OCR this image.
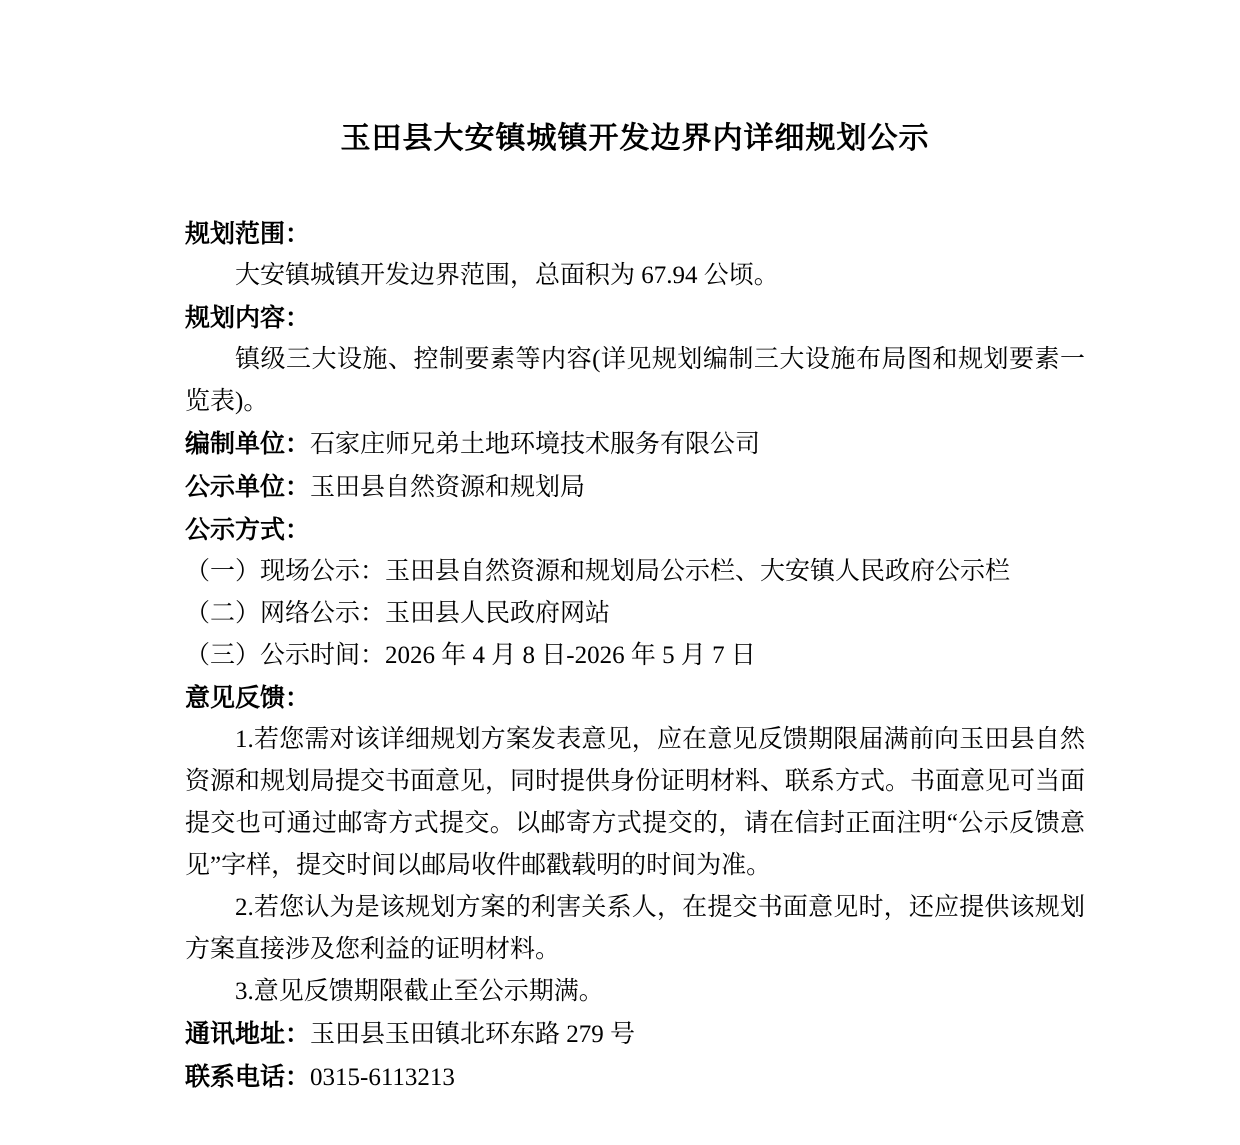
玉田县大安镇城镇开发边界内详细规划公示
规划范围：

大安镇城镇开发边界范围，总面积为 67.94 公顷。

规划内容：

镇级三大设施、控制要素等内容(详见规划编制三大设施布局图和规划要素一览表)。

编制单位：石家庄师兄弟土地环境技术服务有限公司
公示单位：玉田县自然资源和规划局
公示方式：
（一）现场公示：玉田县自然资源和规划局公示栏、大安镇人民政府公示栏
（二）网络公示：玉田县人民政府网站
（三）公示时间：2026 年 4 月 8 日-2026 年 5 月 7 日
意见反馈：

1.若您需对该详细规划方案发表意见，应在意见反馈期限届满前向玉田县自然资源和规划局提交书面意见，同时提供身份证明材料、联系方式。书面意见可当面提交也可通过邮寄方式提交。以邮寄方式提交的，请在信封正面注明“公示反馈意见”字样，提交时间以邮局收件邮戳载明的时间为准。

2.若您认为是该规划方案的利害关系人，在提交书面意见时，还应提供该规划方案直接涉及您利益的证明材料。

3.意见反馈期限截止至公示期满。

通讯地址：玉田县玉田镇北环东路 279 号
联系电话：0315-6113213
